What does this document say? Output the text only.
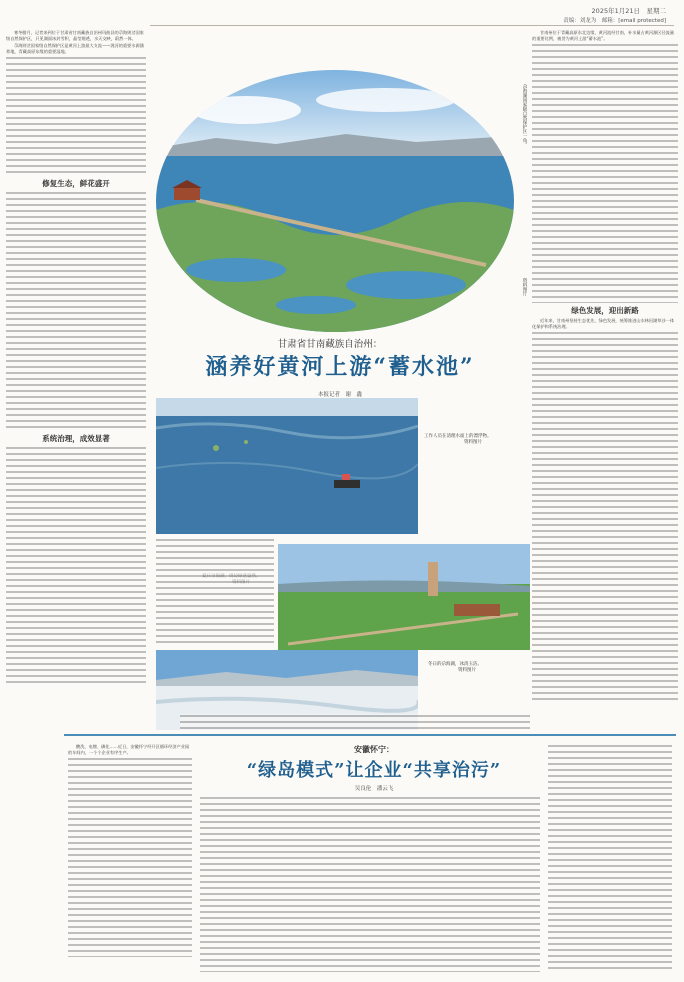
2025年1月21日　星期二
责编：刘龙为　邮箱：[email protected]

寒冬腊月，记者来到位于甘肃省甘南藏族自治州玛曲县的尕海则岔国家级自然保护区，只见湖面冰封雪积，晶莹剔透，水天交映，蔚然一体。

尕海则岔国家级自然保护区是黄河上游最大支流——洮河的重要水源涵养地，青藏高原东缘的重要湿地。

修复生态，鲜花盛开
系统治理，成效显著

甘南州位于青藏高原东北边缘，黄河流经甘南，补水量占黄河源区径流量的重要比例，被誉为黄河上游“蓄水池”。

绿色发展，迎出新路

近年来，甘南州坚持生态优先、绿色发展，统筹推进山水林田湖草沙一体化保护和系统治理。

尕海湖国家级自然保护区一角。
资料图片
甘肃省甘南藏族自治州：
涵养好黄河上游“蓄水池”
本报记者　谢　鑫
工作人员在清理水面上的漂浮物。
资料图片
冬日的尕海湖，冰清玉洁。
资料图片
安徽怀宁：
“绿岛模式”让企业“共享治污”
吴良伦　潘云飞

酸洗、电镀、磷化……近日，安徽怀宁经开区循环经济产业园的车间内，一个个企业有序生产。
